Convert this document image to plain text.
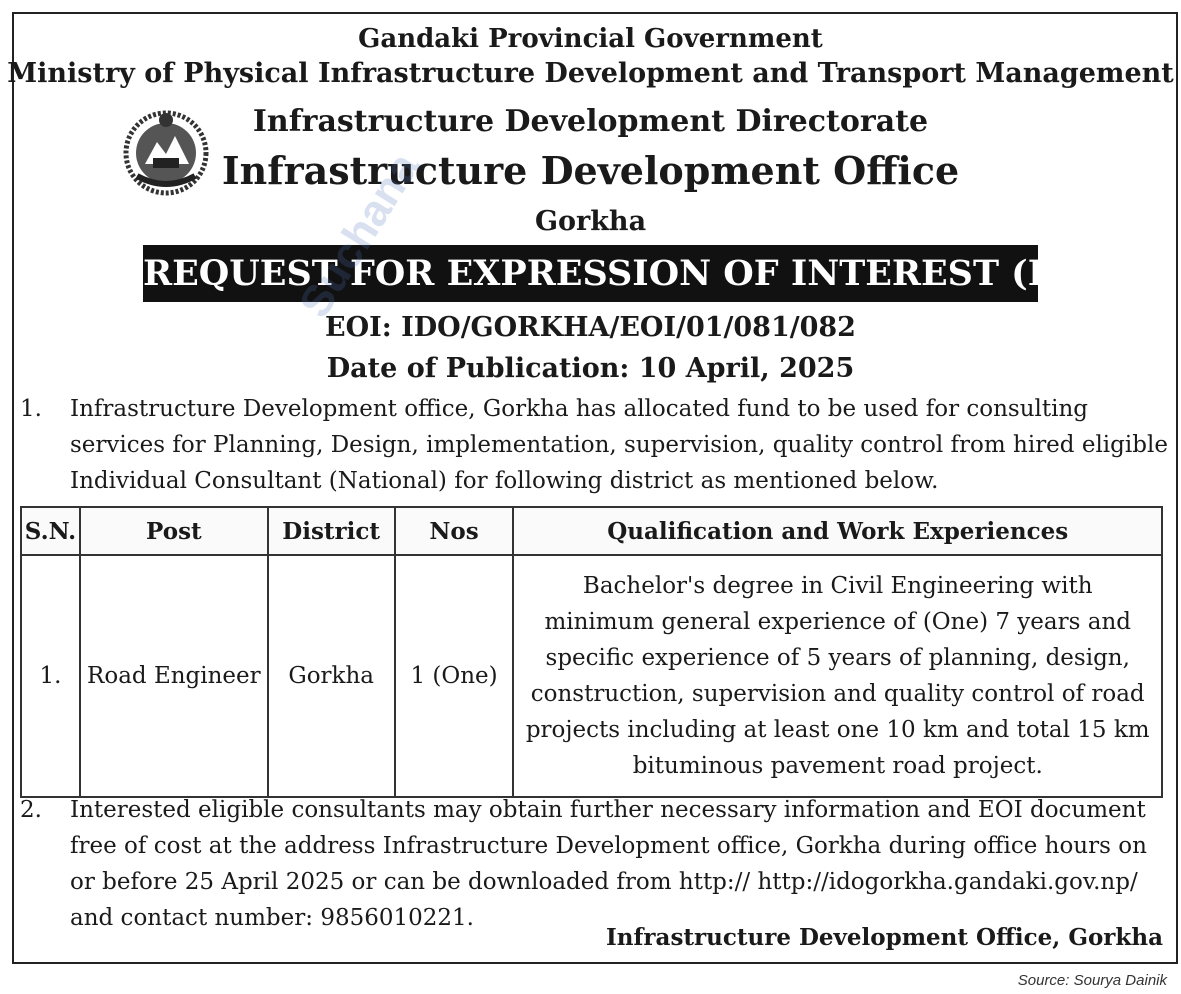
Gandaki Provincial Government
Ministry of Physical Infrastructure Development and Transport Management
Infrastructure Development Directorate
Infrastructure Development Office
Gorkha
REQUEST FOR EXPRESSION OF INTEREST (EOI)
EOI: IDO/GORKHA/EOI/01/081/082
Date of Publication: 10 April, 2025
1. Infrastructure Development office, Gorkha has allocated fund to be used for consulting services for Planning, Design, implementation, supervision, quality control from hired eligible Individual Consultant (National) for following district as mentioned below.
S.N.	Post	District	Nos	Qualification and Work Experiences
1.	Road Engineer	Gorkha	1 (One)	Bachelor's degree in Civil Engineering with minimum general experience of (One) 7 years and specific experience of 5 years of planning, design, construction, supervision and quality control of road projects including at least one 10 km and total 15 km bituminous pavement road project.
2. Interested eligible consultants may obtain further necessary information and EOI document free of cost at the address Infrastructure Development office, Gorkha during office hours on or before 25 April 2025 or can be downloaded from http:// http://idogorkha.gandaki.gov.np/ and contact number: 9856010221.
Infrastructure Development Office, Gorkha
Source: Sourya Dainik
Suchana
